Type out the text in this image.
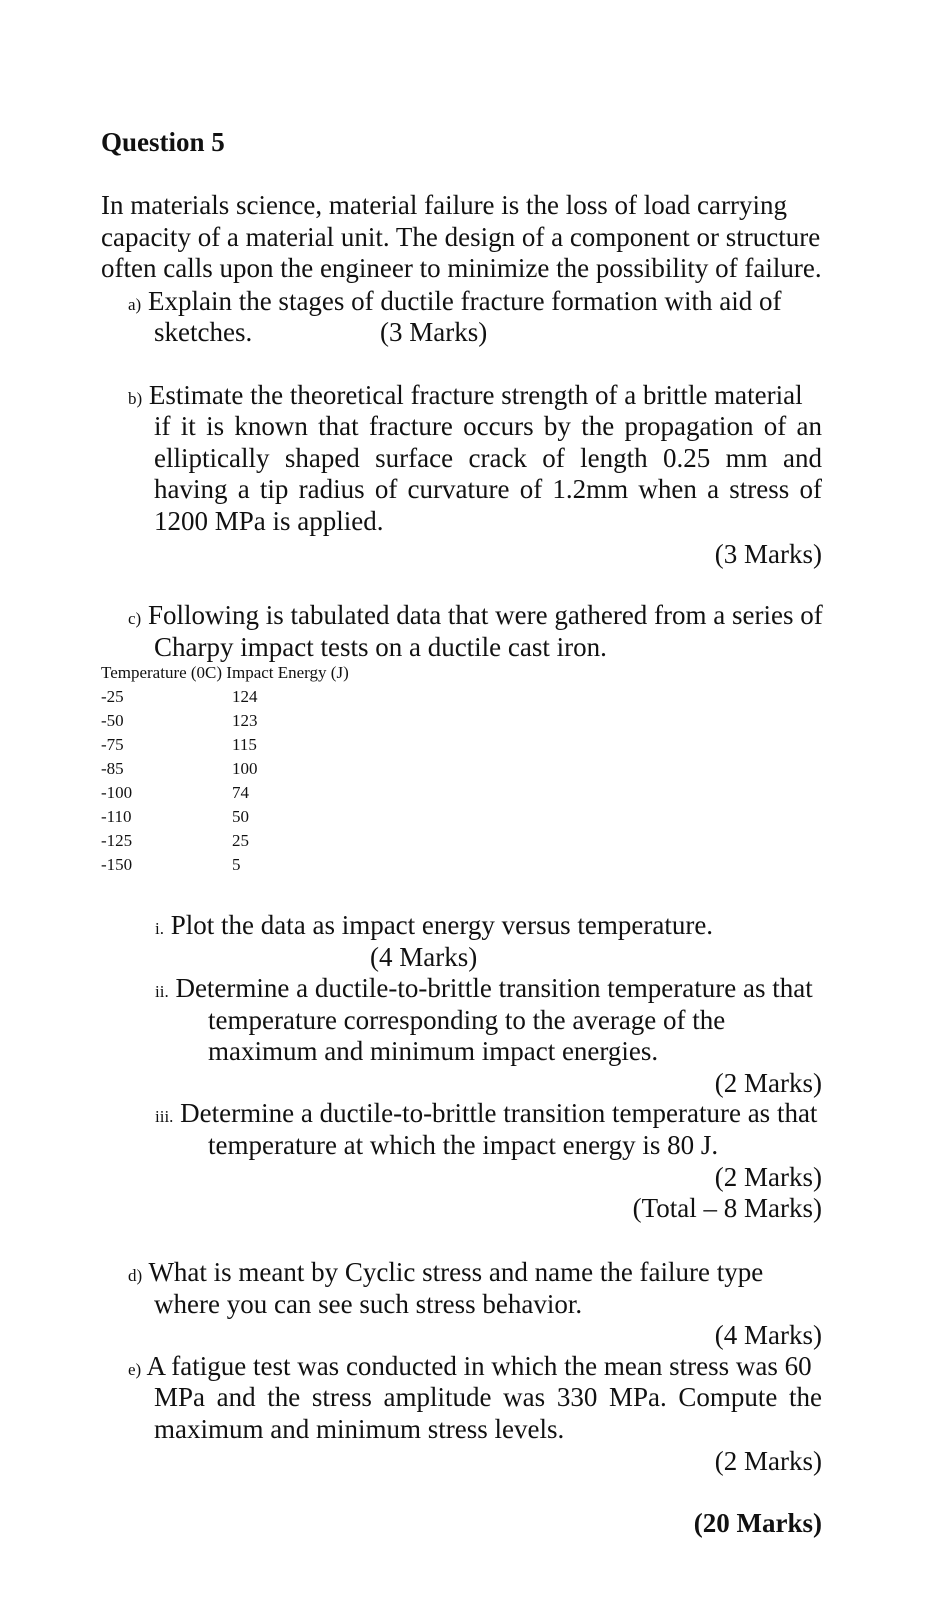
Question 5
In materials science, material failure is the loss of load carrying
capacity of a material unit. The design of a component or structure
often calls upon the engineer to minimize the possibility of failure.
a) Explain the stages of ductile fracture formation with aid of
sketches.	(3 Marks)
b) Estimate the theoretical fracture strength of a brittle material
if it is known that fracture occurs by the propagation of an
elliptically shaped surface crack of length 0.25 mm and
having a tip radius of curvature of 1.2mm when a stress of
1200 MPa is applied.
(3 Marks)
c) Following is tabulated data that were gathered from a series of
Charpy impact tests on a ductile cast iron.
Temperature (0C) Impact Energy (J)
-25	124
-50	123
-75	115
-85	100
-100	74
-110	50
-125	25
-150	5
i. Plot the data as impact energy versus temperature.
(4 Marks)
ii. Determine a ductile-to-brittle transition temperature as that
temperature corresponding to the average of the
maximum and minimum impact energies.
(2 Marks)
iii. Determine a ductile-to-brittle transition temperature as that
temperature at which the impact energy is 80 J.
(2 Marks)
(Total – 8 Marks)
d) What is meant by Cyclic stress and name the failure type
where you can see such stress behavior.
(4 Marks)
e) A fatigue test was conducted in which the mean stress was 60
MPa and the stress amplitude was 330 MPa. Compute the
maximum and minimum stress levels.
(2 Marks)
(20 Marks)
